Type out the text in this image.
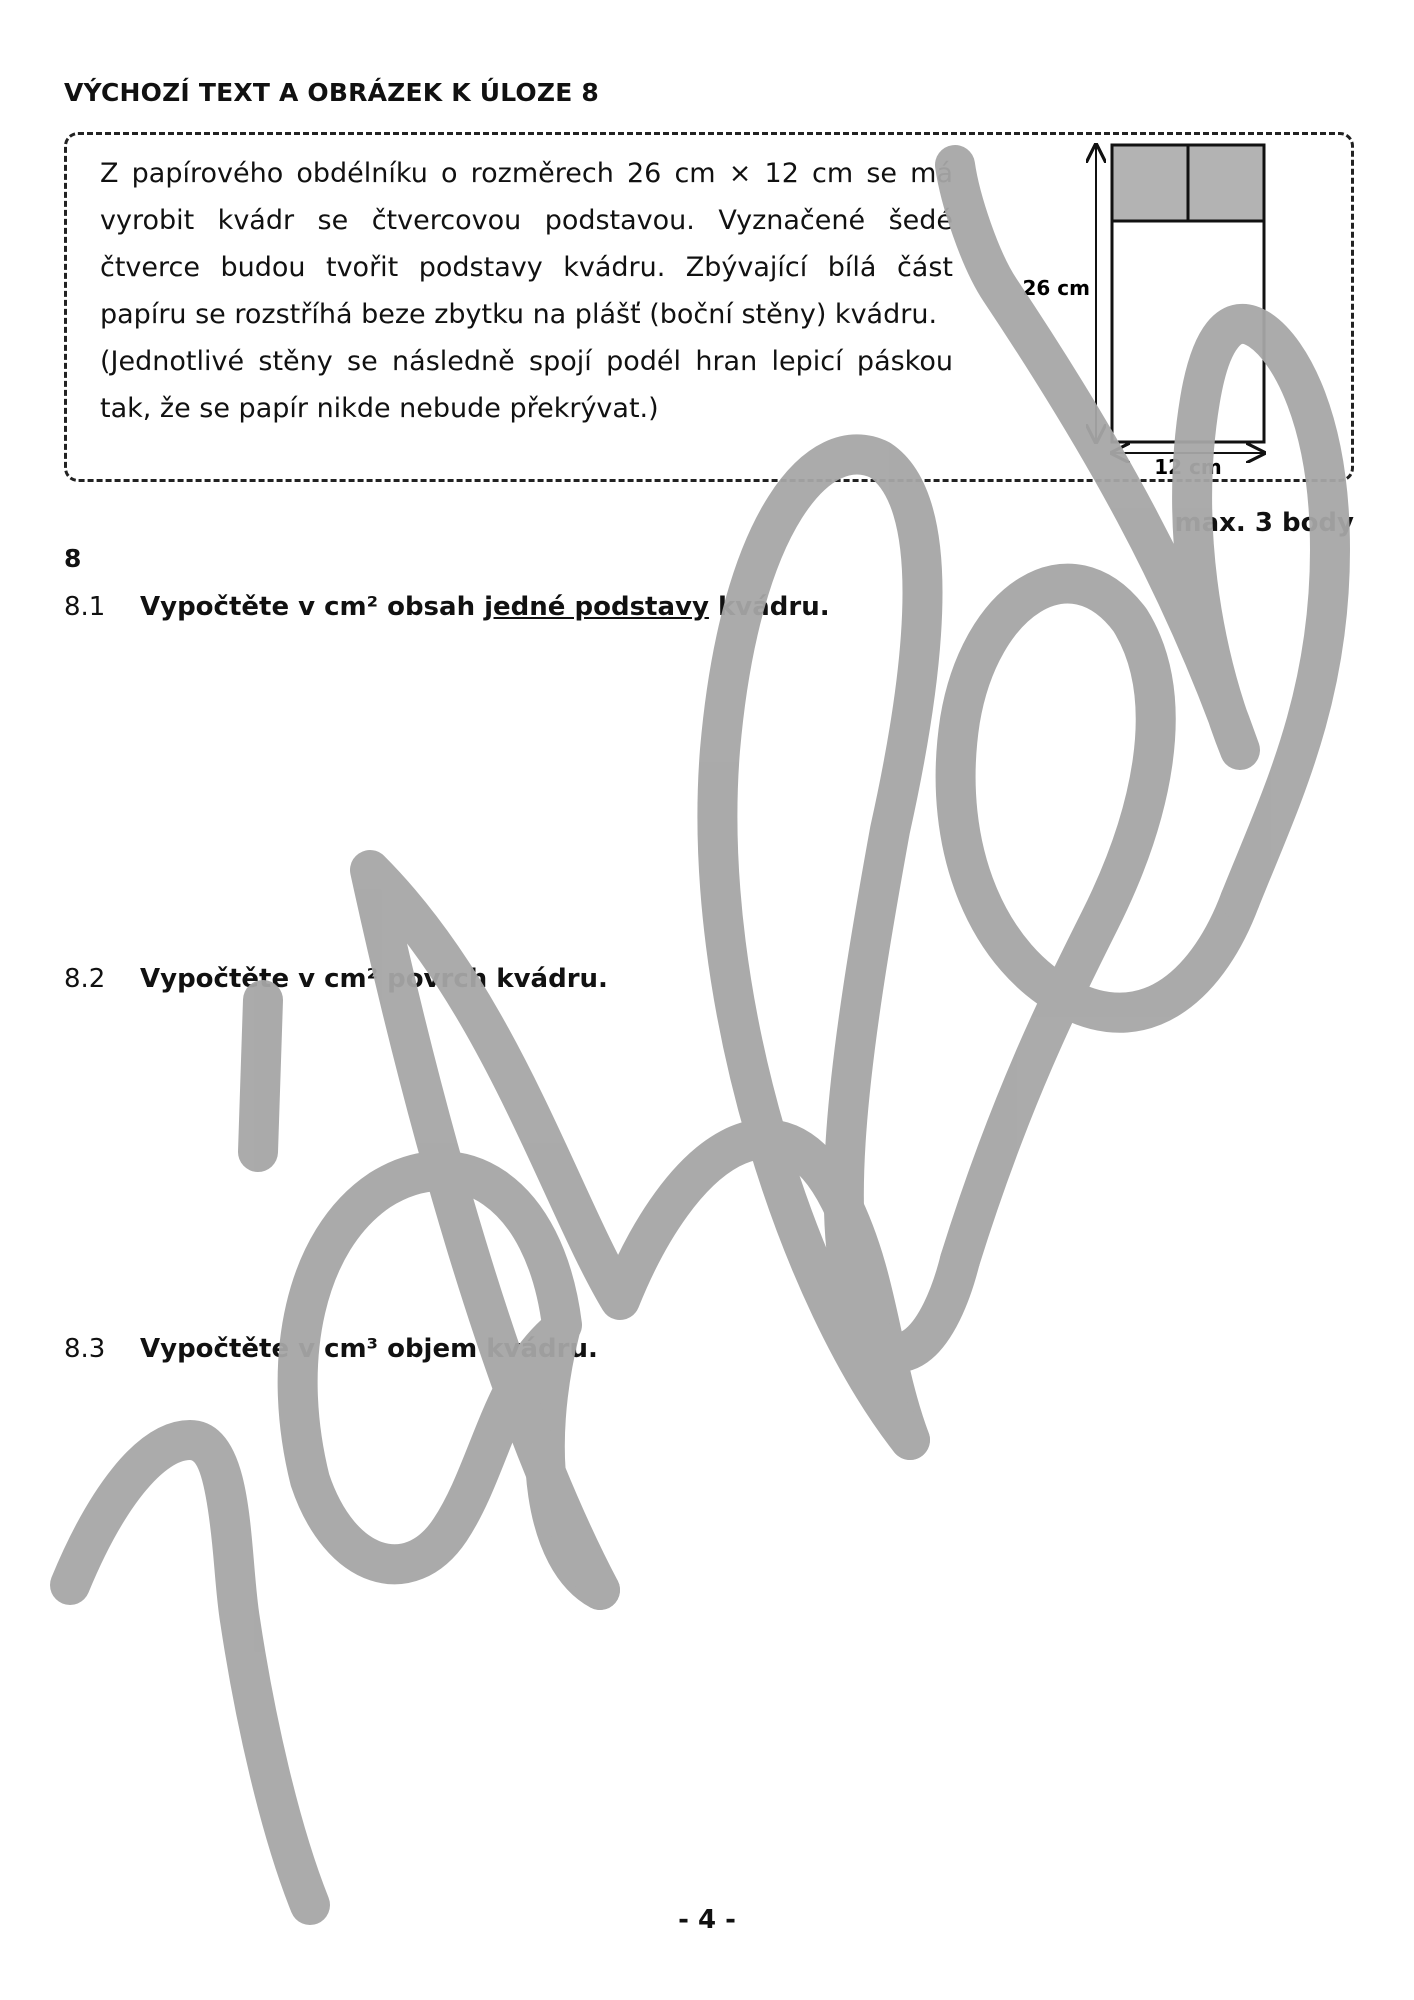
VÝCHOZÍ TEXT A OBRÁZEK K ÚLOZE 8

Z papírového obdélníku o rozměrech 26 cm × 12 cm se má vyrobit kvádr se čtvercovou podstavou. Vyznačené šedé čtverce budou tvořit podstavy kvádru. Zbývající bílá část papíru se rozstříhá beze zbytku na plášť (boční stěny) kvádru.

(Jednotlivé stěny se následně spojí podél hran lepicí páskou tak, že se papír nikde nebude překrývat.)

26 cm
12 cm
max. 3 body
8
8.1 Vypočtěte v cm² obsah jedné podstavy kvádru.
8.2 Vypočtěte v cm² povrch kvádru.
8.3 Vypočtěte v cm³ objem kvádru.
- 4 -
